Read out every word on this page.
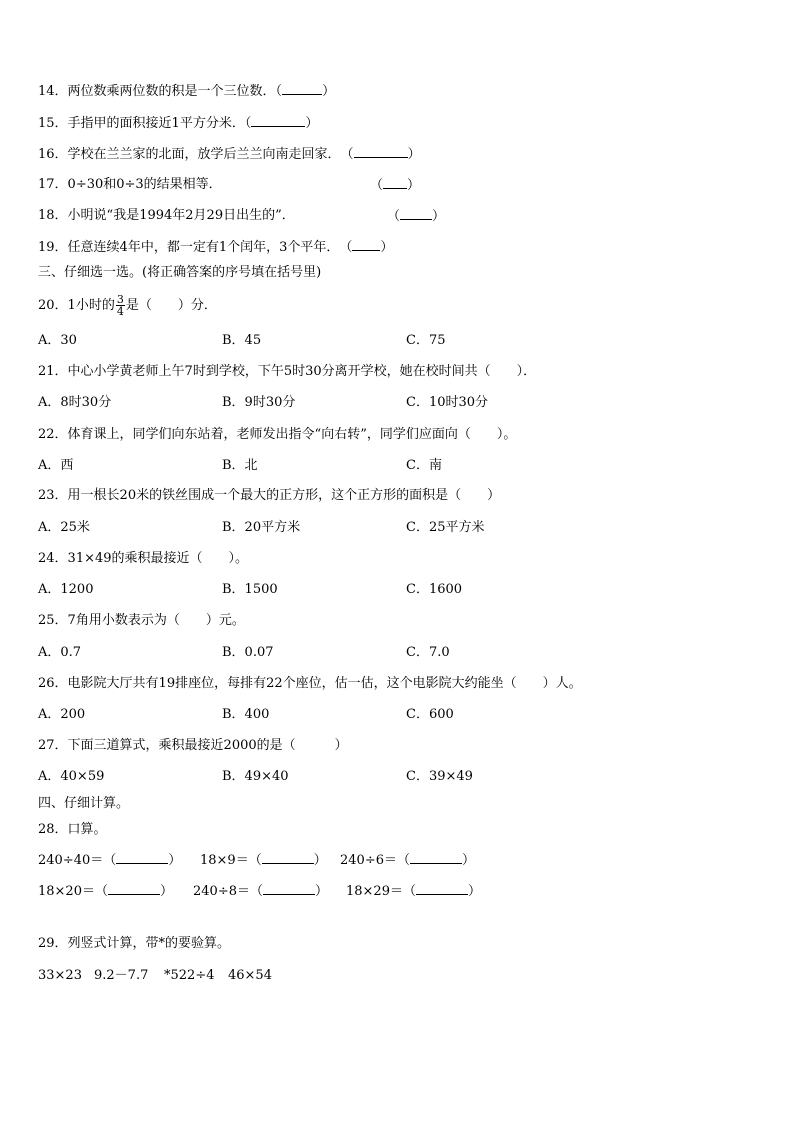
14．两位数乘两位数的积是一个三位数．（	）
15．手指甲的面积接近1平方分米．（	）
16．学校在兰兰家的北面，放学后兰兰向南走回家．　（	）
17．0÷30和0÷3的结果相等．	（ ）
18．小明说“我是1994年2月29日出生的”．	（ ）
19．任意连续4年中，都一定有1个闰年，3个平年．　（ ）
三、仔细选一选。(将正确答案的序号填在括号里)
20．1小时的 $\frac{3}{4}$ 是（　　）分．
A．30	B．45	C．75
21．中心小学黄老师上午7时到学校，下午5时30分离开学校，她在校时间共（　　）．
A．8时30分	B．9时30分	C．10时30分
22．体育课上，同学们向东站着，老师发出指令“向右转”，同学们应面向（　　）。
A．西	B．北	C．南
23．用一根长20米的铁丝围成一个最大的正方形，这个正方形的面积是（　　）
A．25米	B．20平方米	C．25平方米
24．31×49的乘积最接近（　　）。
A．1200	B．1500	C．1600
25．7角用小数表示为（　　）元。
A．0.7	B．0.07	C．7.0
26．电影院大厅共有19排座位，每排有22个座位，估一估，这个电影院大约能坐（　　）人。
A．200	B．400	C．600
27．下面三道算式，乘积最接近2000的是（　　　）
A．40×59	B．49×40	C．39×49
四、仔细计算。
28．口算。
240÷40＝（	） 18×9＝（	） 240÷6＝（	）
18×20＝（	） 240÷8＝（	） 18×29＝（	）
29．列竖式计算，带*的要验算。
33×23 9.2－7.7 *522÷4 46×54
